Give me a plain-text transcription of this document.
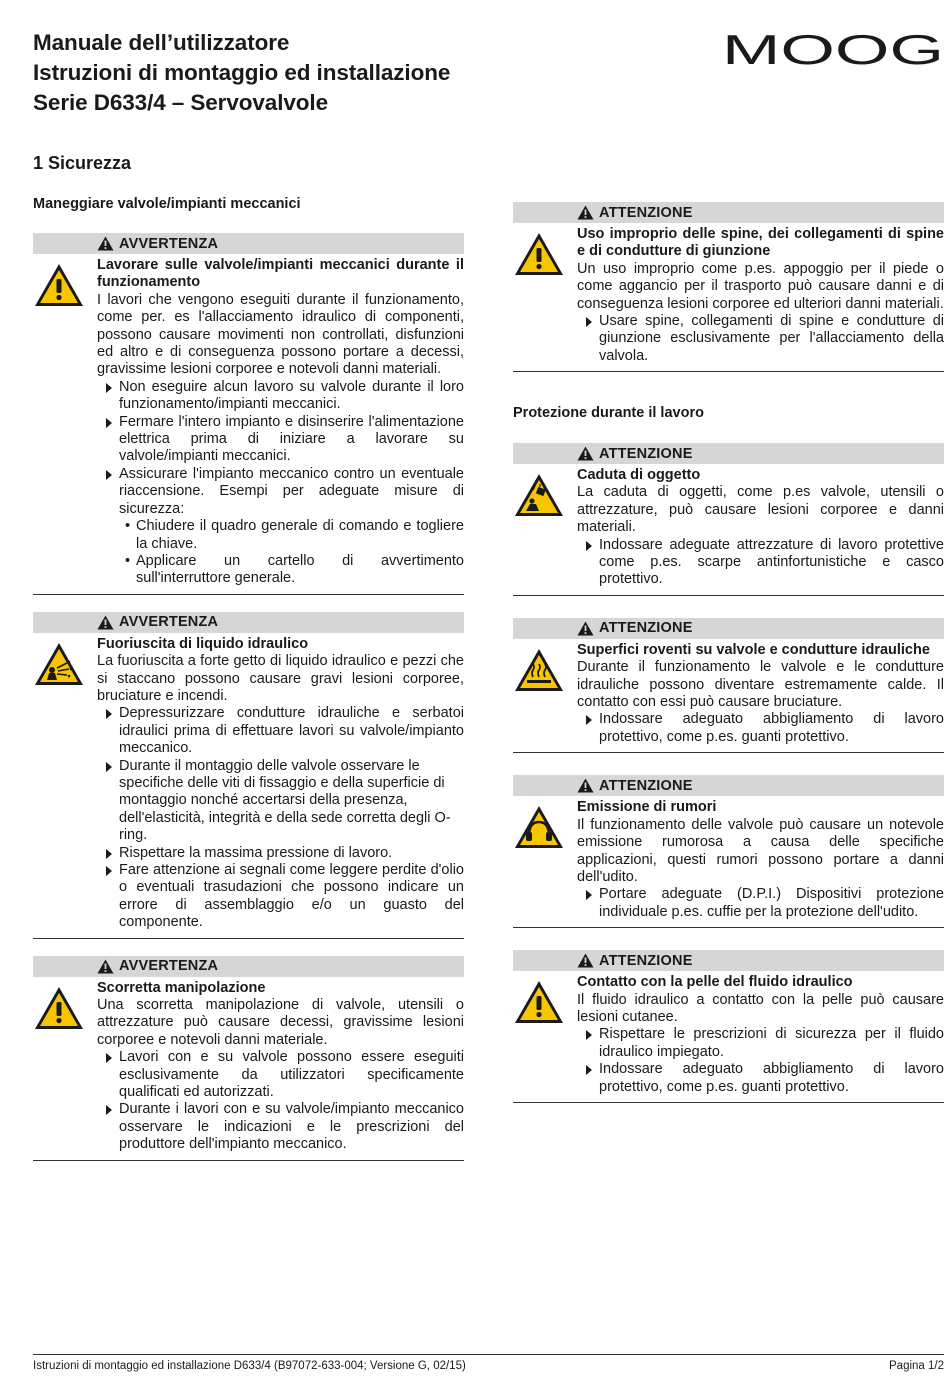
Manuale dell’utilizzatore
Istruzioni di montaggio ed installazione
Serie D633/4 – Servovalvole
MOOG
1 Sicurezza
Maneggiare valvole/impianti meccanici
Protezione durante il lavoro
AVVERTENZA

Lavorare sulle valvole/impianti meccanici durante il funzionamento

I lavori che vengono eseguiti durante il funzionamento, come per. es l'allacciamento idraulico di componenti, possono causare movimenti non controllati, disfunzioni ed altro e di conseguenza possono portare a decessi, gravissime lesioni corporee e notevoli danni materiali.

Non eseguire alcun lavoro su valvole durante il loro funzionamento/impianti meccanici.

Fermare l'intero impianto e disinserire l'alimentazione elettrica prima di iniziare a lavorare su valvole/impianti meccanici.

Assicurare l'impianto meccanico contro un eventuale riaccensione. Esempi per adeguate misure di sicurezza:

• Chiudere il quadro generale di comando e togliere la chiave.

• Applicare un cartello di avvertimento sull'interruttore generale.

AVVERTENZA

Fuoriuscita di liquido idraulico

La fuoriuscita a forte getto di liquido idraulico e pezzi che si staccano possono causare gravi lesioni corporee, bruciature e incendi.

Depressurizzare condutture idrauliche e serbatoi idraulici prima di effettuare lavori su valvole/impianto meccanico.

Durante il montaggio delle valvole osservare le specifiche delle viti di fissaggio e della superficie di montaggio nonché accertarsi della presenza, dell'elasticità, integrità e della sede corretta degli O-ring.

Rispettare la massima pressione di lavoro.

Fare attenzione ai segnali come leggere perdite d'olio o eventuali trasudazioni che possono indicare un errore di assemblaggio e/o un guasto del componente.

AVVERTENZA

Scorretta manipolazione

Una scorretta manipolazione di valvole, utensili o attrezzature può causare decessi, gravissime lesioni corporee e notevoli danni materiale.

Lavori con e su valvole possono essere eseguiti esclusivamente da utilizzatori specificamente qualificati ed autorizzati.

Durante i lavori con e su valvole/impianto meccanico osservare le indicazioni e le prescrizioni del produttore dell'impianto meccanico.

ATTENZIONE

Uso improprio delle spine, dei collegamenti di spine e di condutture di giunzione

Un uso improprio come p.es. appoggio per il piede o come aggancio per il trasporto può causare danni e di conseguenza lesioni corporee ed ulteriori danni materiali.

Usare spine, collegamenti di spine e condutture di giunzione esclusivamente per l'allacciamento della valvola.

ATTENZIONE

Caduta di oggetto

La caduta di oggetti, come p.es valvole, utensili o attrezzature, può causare lesioni corporee e danni materiali.

Indossare adeguate attrezzature di lavoro protettive come p.es. scarpe antinfortunistiche e casco protettivo.

ATTENZIONE

Superfici roventi su valvole e condutture idrauliche

Durante il funzionamento le valvole e le condutture idrauliche possono diventare estremamente calde. Il contatto con essi può causare bruciature.

Indossare adeguato abbigliamento di lavoro protettivo, come p.es. guanti protettivo.

ATTENZIONE

Emissione di rumori

Il funzionamento delle valvole può causare un notevole emissione rumorosa a causa delle specifiche applicazioni, questi rumori possono portare a danni dell'udito.

Portare adeguate (D.P.I.) Dispositivi protezione individuale p.es. cuffie per la protezione dell'udito.

ATTENZIONE

Contatto con la pelle del fluido idraulico

Il fluido idraulico a contatto con la pelle può causare lesioni cutanee.

Rispettare le prescrizioni di sicurezza per il fluido idraulico impiegato.

Indossare adeguato abbigliamento di lavoro protettivo, come p.es. guanti protettivo.

Istruzioni di montaggio ed installazione D633/4 (B97072-633-004; Versione G, 02/15)	Pagina 1/2
